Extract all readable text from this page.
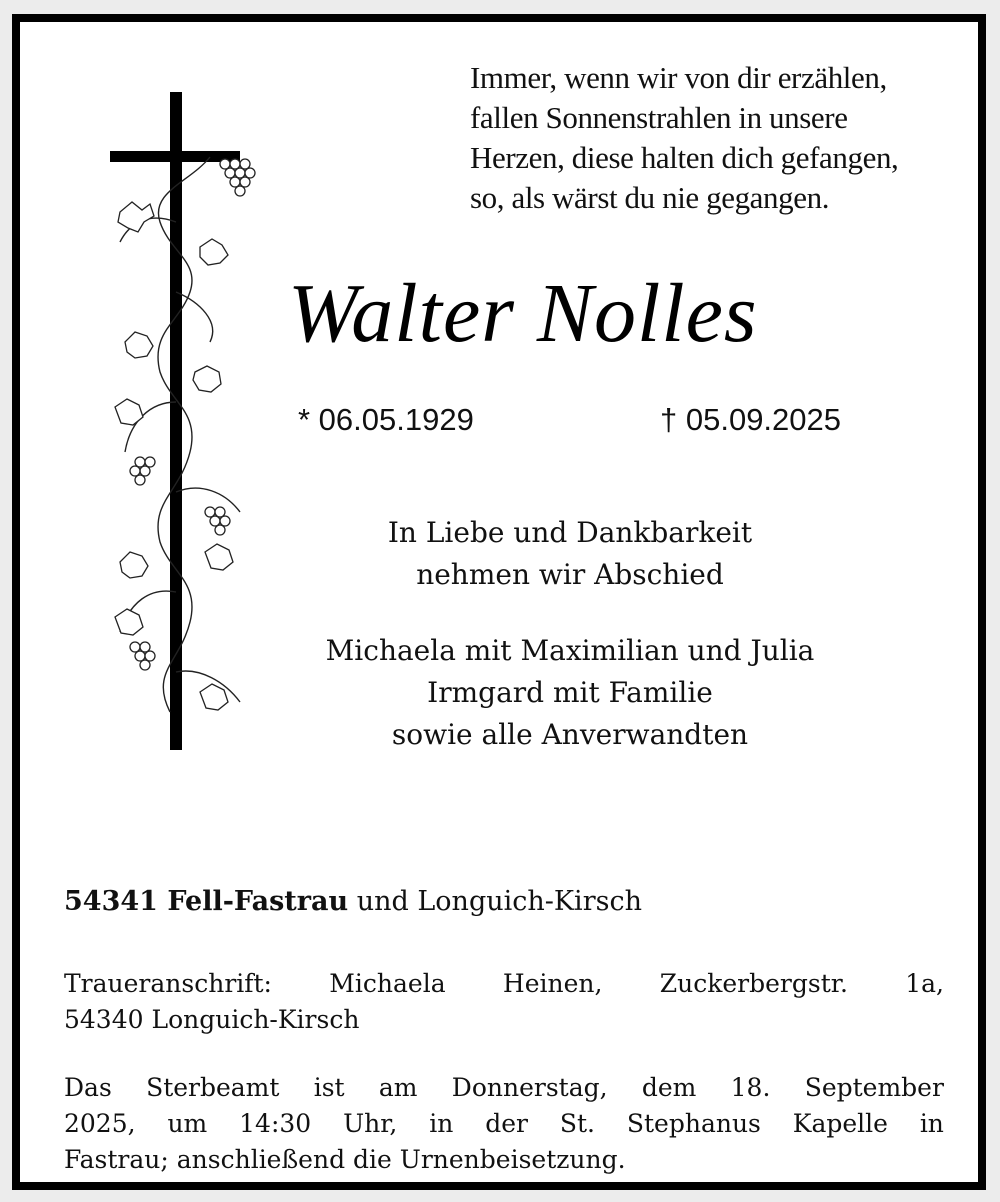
Immer, wenn wir von dir erzählen,
fallen Sonnenstrahlen in unsere
Herzen, diese halten dich gefangen,
so, als wärst du nie gegangen.
Walter Nolles
* 06.05.1929	† 05.09.2025
In Liebe und Dankbarkeit
nehmen wir Abschied
Michaela mit Maximilian und Julia
Irmgard mit Familie
sowie alle Anverwandten
54341 Fell-Fastrau und Longuich-Kirsch
Traueranschrift: Michaela Heinen, Zuckerbergstr. 1a,
54340 Longuich-Kirsch
Das Sterbeamt ist am Donnerstag, dem 18. September
2025, um 14:30 Uhr, in der St. Stephanus Kapelle in
Fastrau; anschließend die Urnenbeisetzung.
